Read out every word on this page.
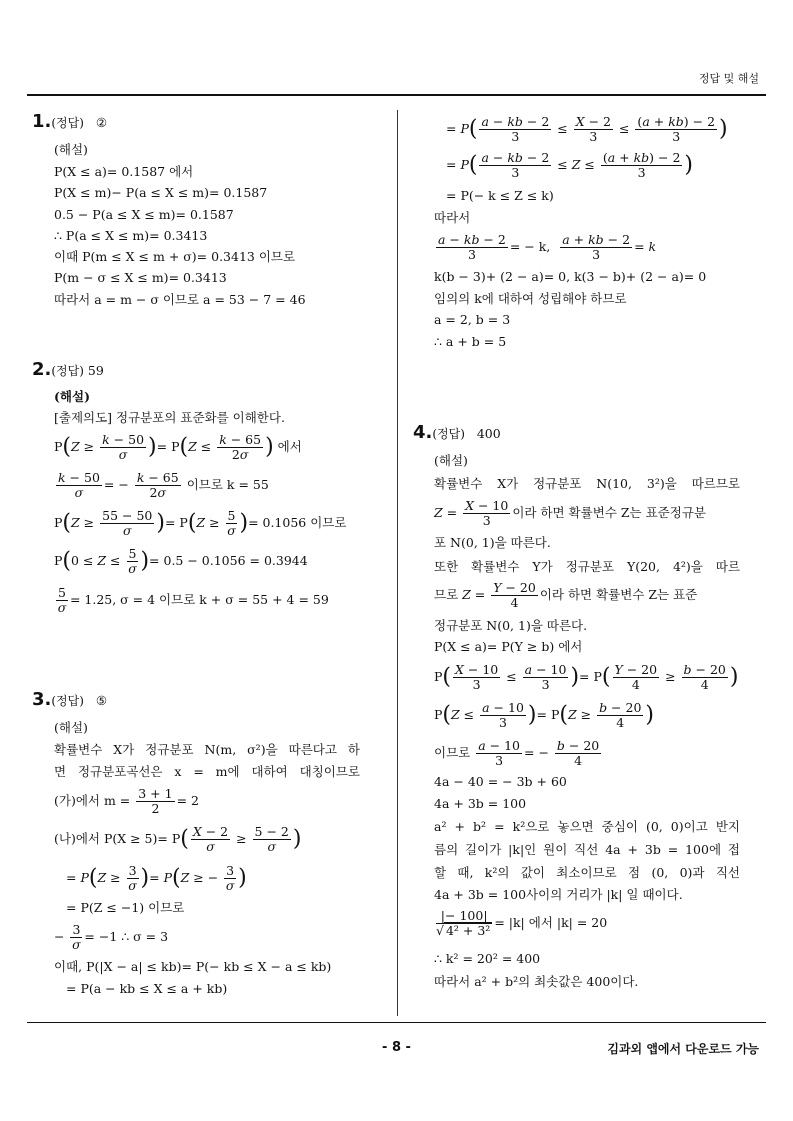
정답 및 해설
- 8 -	김과외 앱에서 다운로드 가능
1.(정답) ②
(해설)
P(X ≤ a)= 0.1587 에서
P(X ≤ m)− P(a ≤ X ≤ m)= 0.1587
0.5 − P(a ≤ X ≤ m)= 0.1587
∴ P(a ≤ X ≤ m)= 0.3413
이때 P(m ≤ X ≤ m + σ)= 0.3413 이므로
P(m − σ ≤ X ≤ m)= 0.3413
따라서 a = m − σ 이므로 a = 53 − 7 = 46
2.(정답) 59
(해설)
[출제의도] 정규분포의 표준화를 이해한다.
$P(Z \ge \frac{k - 50}{\sigma}$ )= $P(Z \le \frac{k - 65}{2\sigma}$ ) 에서
$\frac{k - 50}{\sigma}$ = − $\frac{k - 65}{2\sigma}$ 이므로 k = 55
$P(Z \ge \frac{55 - 50}{\sigma}$ )= $P(Z \ge \frac{5}{\sigma}$ )= 0.1056 이므로
$P(0 \le Z \le \frac{5}{\sigma}$ )= 0.5 − 0.1056 = 0.3944
$\frac{5}{\sigma} = 1.25$, σ = 4 이므로 k + σ = 55 + 4 = 59
3.(정답) ⑤
(해설)
확률변수 X가 정규분포 N(m, σ²)을 따른다고 하
면 정규분포곡선은 x = m에 대하여 대칭이므로
(가)에서 $m = \frac{3 + 1}{2} = 2$
(나)에서 $P(X \ge 5)= P( \frac{X - 2}{\sigma} \ge \frac{5 - 2}{\sigma}$ )
= $P(Z \ge \frac{3}{\sigma}$ )= P(Z ≥ − $\frac{3}{\sigma}$ )
= P(Z ≤ −1) 이므로
− $\frac{3}{\sigma} = -1$ ∴ σ = 3
이때, P(|X − a| ≤ kb)= P(− kb ≤ X − a ≤ kb)
= P(a − kb ≤ X ≤ a + kb)
= $P( \frac{a - kb - 2}{3} \le \frac{X - 2}{3} \le \frac{(a + kb) - 2}{3}$ )
= $P( \frac{a - kb - 2}{3} \le Z \le \frac{(a + kb) - 2}{3}$ )
= P(− k ≤ Z ≤ k)
따라서
$\frac{a - kb - 2}{3}$ = − k, $\frac{a + kb - 2}{3} = k$
k(b − 3)+ (2 − a)= 0, k(3 − b)+ (2 − a)= 0
임의의 k에 대하여 성립해야 하므로
a = 2, b = 3
∴ a + b = 5
4.(정답) 400
(해설)
확률변수 X가 정규분포 N(10, 3²)을 따르므로
$Z = \frac{X - 10}{3}$ 이라 하면 확률변수 Z는 표준정규분
포 N(0, 1)을 따른다.
또한 확률변수 Y가 정규분포 Y(20, 4²)을 따르
므로 $Z = \frac{Y - 20}{4}$ 이라 하면 확률변수 Z는 표준
정규분포 N(0, 1)을 따른다.
P(X ≤ a)= P(Y ≥ b) 에서
$P( \frac{X - 10}{3} \le \frac{a - 10}{3}$ )= $P( \frac{Y - 20}{4} \ge \frac{b - 20}{4}$ )
$P(Z \le \frac{a - 10}{3}$ )= $P(Z \ge \frac{b - 20}{4}$ )
이므로 $\frac{a - 10}{3}$ = − $\frac{b - 20}{4}$
4a − 40 = − 3b + 60
4a + 3b = 100
a² + b² = k²으로 놓으면 중심이 (0, 0)이고 반지
름의 길이가 |k|인 원이 직선 4a + 3b = 100에 접
할 때, k²의 값이 최소이므로 점 (0, 0)과 직선
4a + 3b = 100사이의 거리가 |k| 일 때이다.
$\frac{|- 100|}{\text{√ 4² + 3²}} = |k|$ 에서 |k| = 20
∴ k² = 20² = 400
따라서 a² + b²의 최솟값은 400이다.
